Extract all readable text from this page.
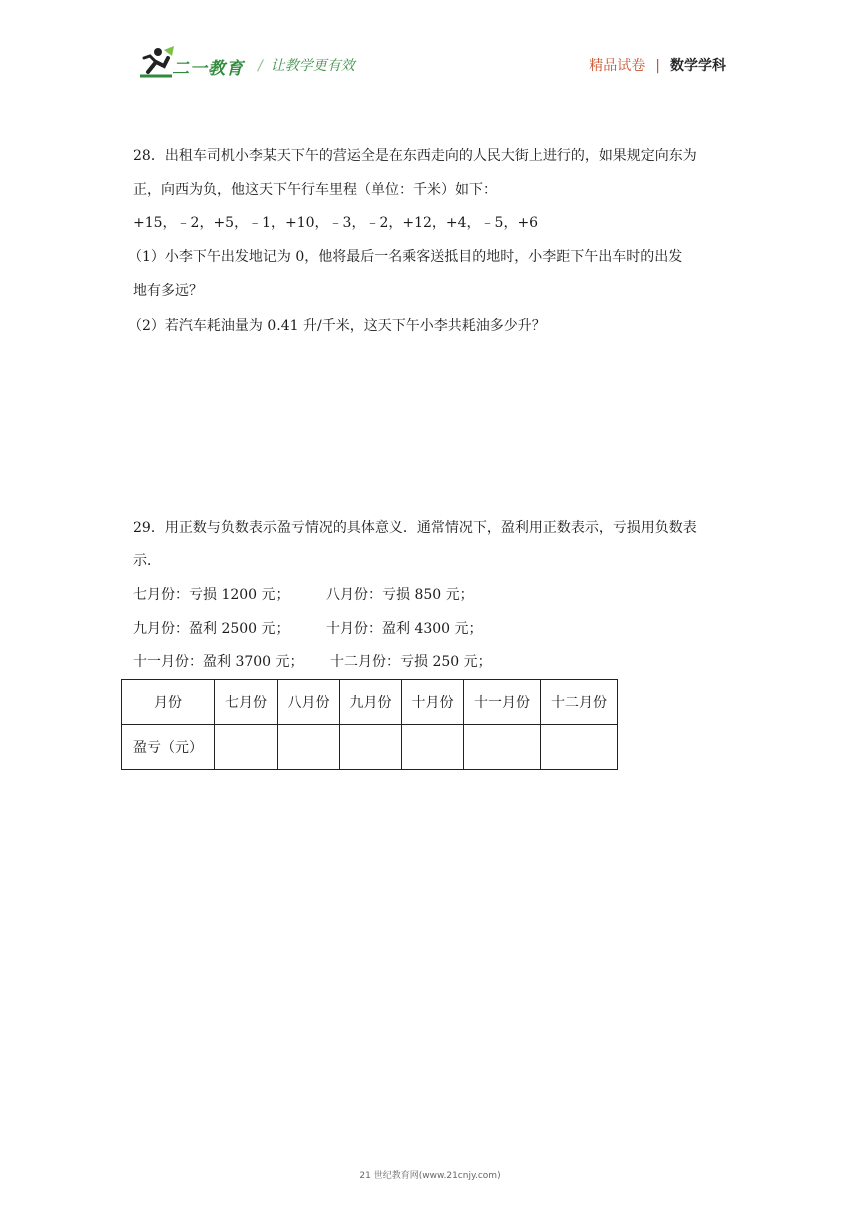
二一教育 / 让教学更有效	精品试卷 | 数学学科
28．出租车司机小李某天下午的营运全是在东西走向的人民大街上进行的，如果规定向东为
正，向西为负，他这天下午行车里程（单位：千米）如下：
+15，﹣2，+5，﹣1，+10，﹣3，﹣2，+12，+4，﹣5，+6
（1）小李下午出发地记为 0，他将最后一名乘客送抵目的地时，小李距下午出车时的出发
地有多远？
（2）若汽车耗油量为 0.41 升/千米，这天下午小李共耗油多少升？
29．用正数与负数表示盈亏情况的具体意义．通常情况下，盈利用正数表示，亏损用负数表
示．
七月份：亏损 1200 元；	八月份：亏损 850 元；
九月份：盈利 2500 元；	十月份：盈利 4300 元；
十一月份：盈利 3700 元； 十二月份：亏损 250 元；
月份	七月份	八月份	九月份	十月份	十一月份	十二月份
盈亏（元）						
21 世纪教育网(www.21cnjy.com)
